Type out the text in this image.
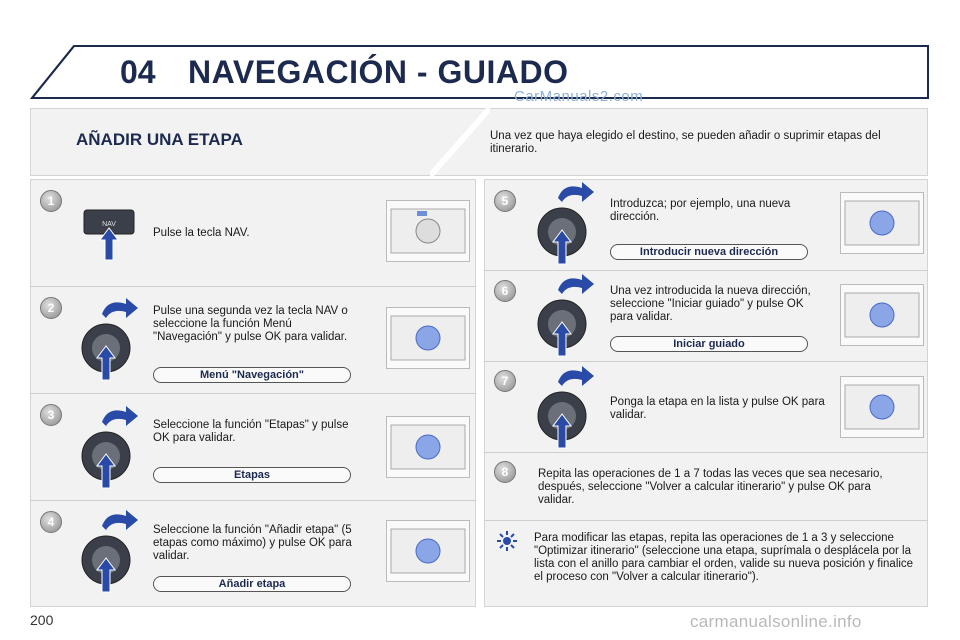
04 NAVEGACIÓN - GUIADO
CarManuals2.com
AÑADIR UNA ETAPA	Una vez que haya elegido el destino, se pueden añadir o suprimir etapas del itinerario.
1
NAV
Pulse la tecla NAV.
2	Pulse una segunda vez la tecla NAV o seleccione la función Menú "Navegación" y pulse OK para validar.
Menú "Navegación"
3
Seleccione la función "Etapas" y pulse OK para validar.
Etapas
4
Seleccione la función "Añadir etapa" (5 etapas como máximo) y pulse OK para validar.
Añadir etapa
5	Introduzca; por ejemplo, una nueva dirección.
Introducir nueva dirección
6	Una vez introducida la nueva dirección, seleccione "Iniciar guiado" y pulse OK para validar.
Iniciar guiado
7
Ponga la etapa en la lista y pulse OK para validar.
8	Repita las operaciones de 1 a 7 todas las veces que sea necesario, después, seleccione "Volver a calcular itinerario" y pulse OK para validar.
Para modificar las etapas, repita las operaciones de 1 a 3 y seleccione "Optimizar itinerario" (seleccione una etapa, suprímala o desplácela por la lista con el anillo para cambiar el orden, valide su nueva posición y finalice el proceso con "Volver a calcular itinerario").
200	carmanualsonline.info
